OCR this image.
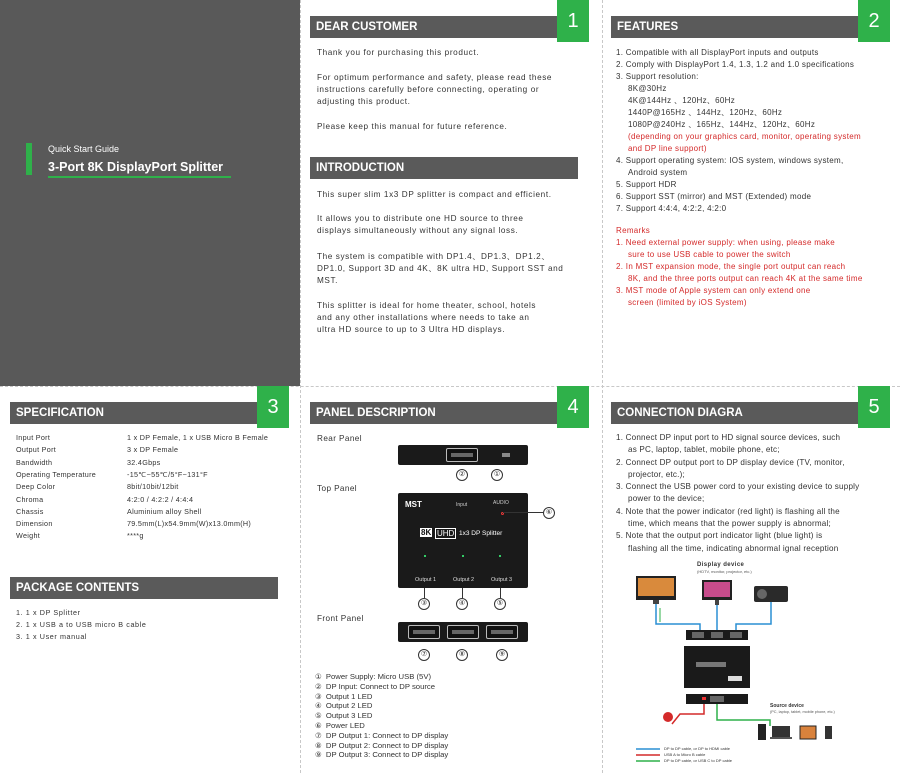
Quick Start Guide
3-Port 8K DisplayPort Splitter
DEAR CUSTOMER	1
Thank you for purchasing this product.
For optimum performance and safety, please read these
instructions carefully before connecting, operating or
adjusting this product.
Please keep this manual for future reference.
INTRODUCTION
This super slim 1x3 DP splitter is compact and efficient.
It allows you to distribute one HD source to three
displays simultaneously without any signal loss.
The system is compatible with DP1.4、DP1.3、DP1.2、
DP1.0, Support 3D and 4K、8K ultra HD, Support SST and
MST.
This splitter is ideal for home theater, school, hotels
and any other installations where needs to take an
ultra HD source to up to 3 Ultra HD displays.
FEATURES	2
1. Compatible with all DisplayPort inputs and outputs
2. Comply with DisplayPort 1.4, 1.3, 1.2 and 1.0 specifications
3. Support resolution:
8K@30Hz
4K@144Hz 、120Hz、60Hz
1440P@165Hz 、144Hz、120Hz、60Hz
1080P@240Hz 、165Hz、144Hz、120Hz、60Hz
(depending on your graphics card, monitor, operating system
and DP line support)
4. Support operating system: IOS system, windows system,
Android system
5. Support HDR
6. Support SST (mirror) and MST (Extended) mode
7. Support 4:4:4, 4:2:2, 4:2:0
Remarks
1. Need external power supply: when using, please make
sure to use USB cable to power the switch
2. In MST expansion mode, the single port output can reach
8K, and the three ports output can reach 4K at the same time
3. MST mode of Apple system can only extend one
screen (limited by iOS System)
SPECIFICATION	3
Input Port	1 x DP Female, 1 x USB Micro B Female
Output Port	3 x DP Female
Bandwidth	32.4Gbps
Operating Temperature	-15℃~55℃/5°F~131°F
Deep Color	8bit/10bit/12bit
Chroma	4:2:0 / 4:2:2 / 4:4:4
Chassis	Aluminium alloy Shell
Dimension	79.5mm(L)x54.9mm(W)x13.0mm(H)
Weight	****g
PACKAGE CONTENTS
1. 1 x DP Splitter
2. 1 x USB a to USB micro B cable
3. 1 x User manual
PANEL DESCRIPTION	4
Rear Panel
②	①
Top Panel
MST	Input	AUDIO
8K UHD 1x3 DP Splitter
Output 1	Output 2	Output 3
⑥
③	④	⑤
Front Panel
⑦	⑧	⑨
① Power Supply: Micro USB (5V)
② DP Input: Connect to DP source
③ Output 1 LED
④ Output 2 LED
⑤ Output 3 LED
⑥ Power LED
⑦ DP Output 1: Connect to DP display
⑧ DP Output 2: Connect to DP display
⑨ DP Output 3: Connect to DP display
CONNECTION DIAGRA	5
1. Connect DP input port to HD signal source devices, such
as PC, laptop, tablet, mobile phone, etc;
2. Connect DP output port to DP display device (TV, monitor,
projector, etc.);
3. Connect the USB power cord to your existing device to supply
power to the device;
4. Note that the power indicator (red light) is flashing all the
time, which means that the power supply is abnormal;
5. Note that the output port indicator light (blue light) is
flashing all the time, indicating abnormal ignal reception
Display device
(HDTV, monitor, projector, etc.)
Source device
(PC, laptop, tablet, mobile phone, etc.)
DP to DP cable, or DP to HDMI cable
USB A to Micro B cable
DP to DP cable, or USB C to DP cable
